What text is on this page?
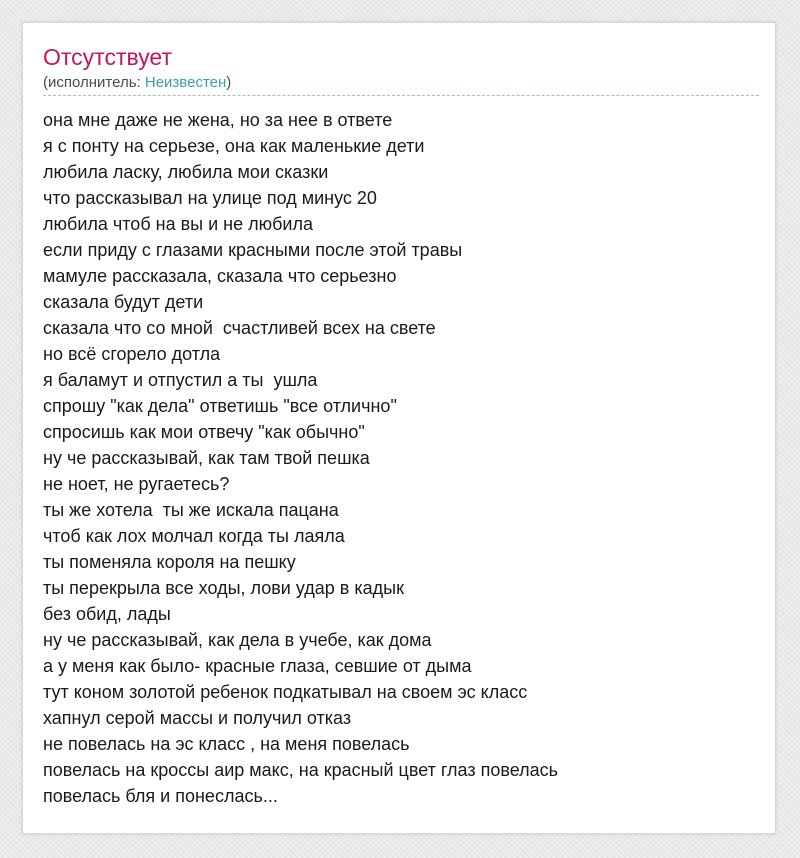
Отсутствует
(исполнитель: Неизвестен)
она мне даже не жена, но за нее в ответе
я с понту на серьезе, она как маленькие дети
любила ласку, любила мои сказки
что рассказывал на улице под минус 20
любила чтоб на вы и не любила
если приду с глазами красными после этой травы
мамуле рассказала, сказала что серьезно
сказала будут дети
сказала что со мной  счастливей всех на свете
но всё сгорело дотла
я баламут и отпустил а ты  ушла
спрошу "как дела" ответишь "все отлично"
спросишь как мои отвечу "как обычно"
ну че рассказывай, как там твой пешка
не ноет, не ругаетесь?
ты же хотела  ты же искала пацана
чтоб как лох молчал когда ты лаяла
ты поменяла короля на пешку
ты перекрыла все ходы, лови удар в кадык
без обид, лады
ну че рассказывай, как дела в учебе, как дома
а у меня как было- красные глаза, севшие от дыма
тут коном золотой ребенок подкатывал на своем эс класс
хапнул серой массы и получил отказ
не повелась на эс класс , на меня повелась
повелась на кроссы аир макс, на красный цвет глаз повелась
повелась бля и понеслась...
